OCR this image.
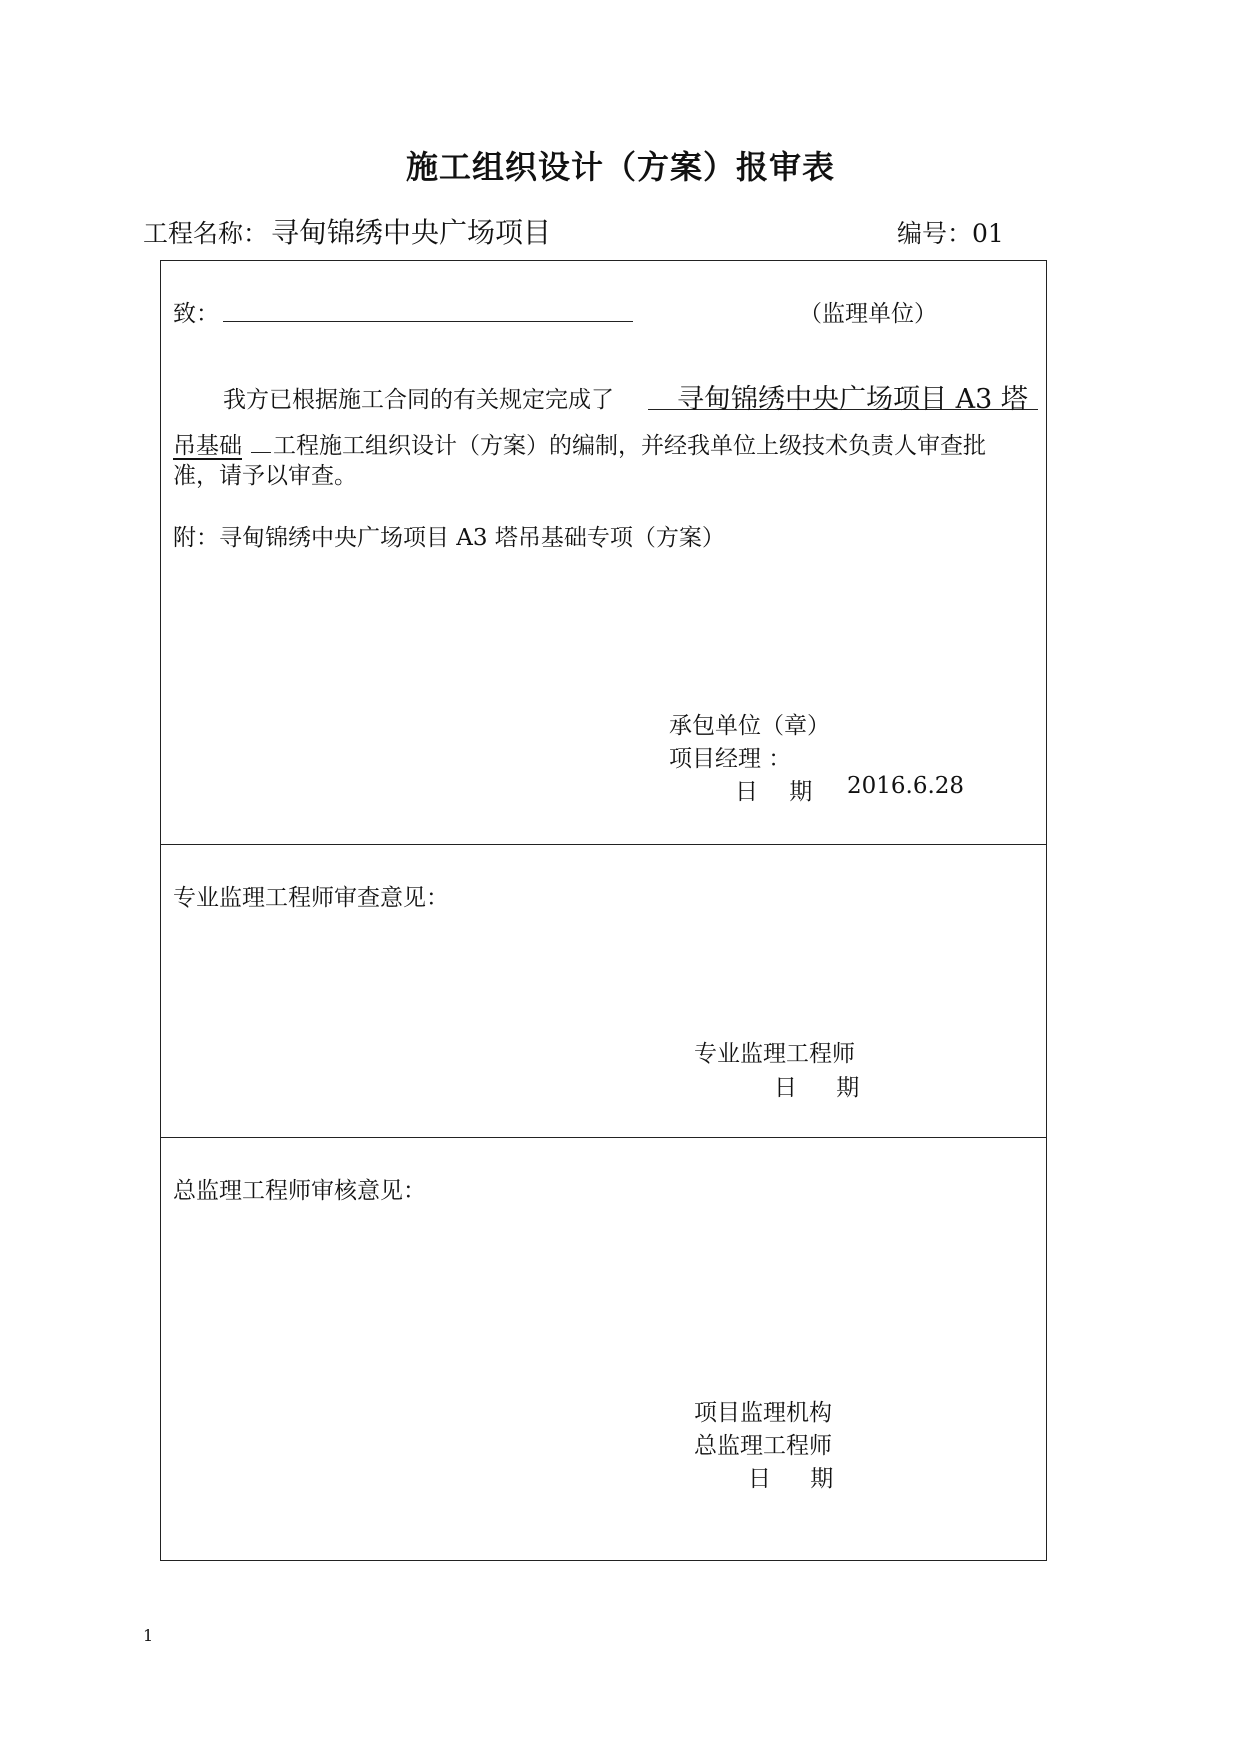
施工组织设计（方案）报审表
工程名称： 寻甸锦绣中央广场项目	编号：01
致：	（监理单位）
我方已根据施工合同的有关规定完成了 寻甸锦绣中央广场项目 A3 塔
吊基础 工程施工组织设计（方案）的编制，并经我单位上级技术负责人审查批
准，请予以审查。
附：寻甸锦绣中央广场项目 A3 塔吊基础专项（方案）
承包单位（章）
项目经理 ：
日 期 2016.6.28
专业监理工程师审查意见：
专业监理工程师
日 期
总监理工程师审核意见：
项目监理机构
总监理工程师
日 期
1
